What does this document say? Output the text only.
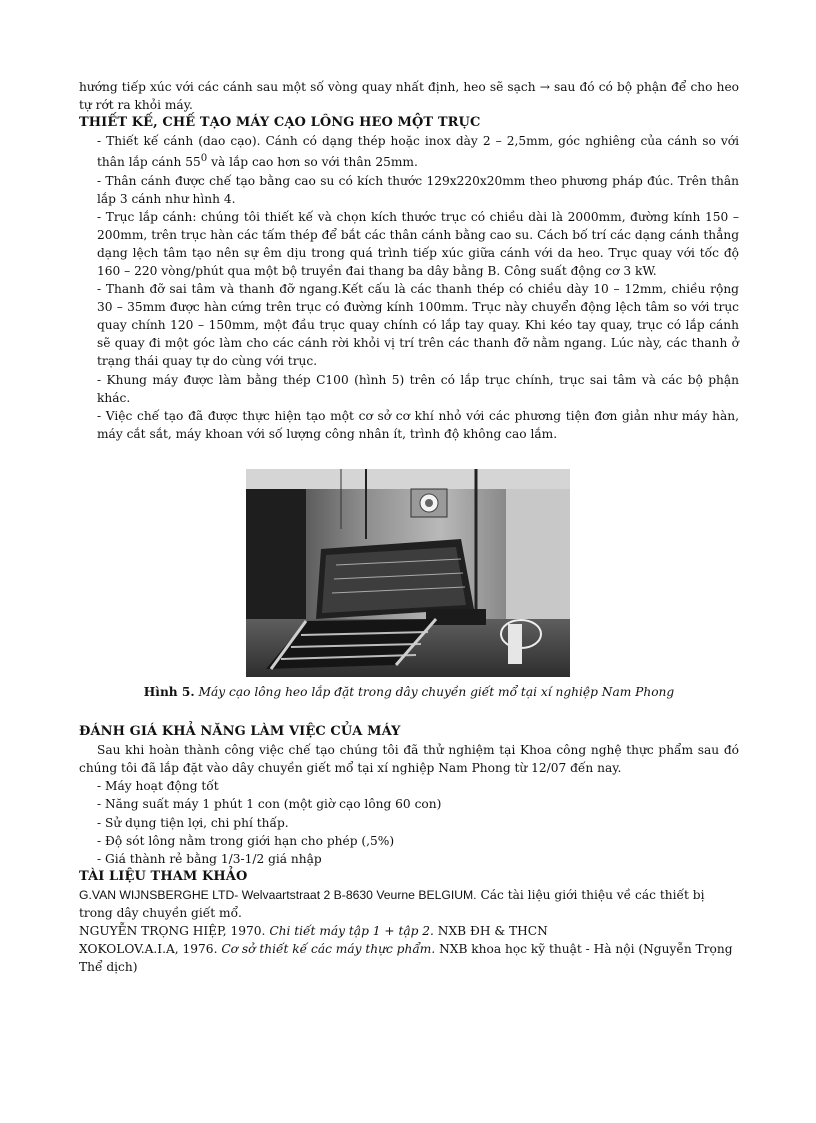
hướng tiếp xúc với các cánh sau một số vòng quay nhất định, heo sẽ sạch → sau đó có bộ phận để cho heo tự rớt ra khỏi máy.

THIẾT KẾ, CHẾ TẠO MÁY CẠO LÔNG HEO MỘT TRỤC

- Thiết kế cánh (dao cạo). Cánh có dạng thép hoặc inox dày 2 – 2,5mm, góc nghiêng của cánh so với thân lắp cánh $55^0$ và lắp cao hơn so với thân 25mm.

- Thân cánh được chế tạo bằng cao su có kích thước 129x220x20mm theo phương pháp đúc. Trên thân lắp 3 cánh như hình 4.

- Trục lắp cánh: chúng tôi thiết kế và chọn kích thước trục có chiều dài là 2000mm, đường kính 150 – 200mm, trên trục hàn các tấm thép để bắt các thân cánh bằng cao su. Cách bố trí các dạng cánh thẳng dạng lệch tâm tạo nên sự êm dịu trong quá trình tiếp xúc giữa cánh với da heo. Trục quay với tốc độ 160 – 220 vòng/phút qua một bộ truyền đai thang ba dây bằng B. Công suất động cơ 3 kW.

- Thanh đỡ sai tâm và thanh đỡ ngang.Kết cấu là các thanh thép có chiều dày 10 – 12mm, chiều rộng 30 – 35mm được hàn cứng trên trục có đường kính 100mm. Trục này chuyển động lệch tâm so với trục quay chính 120 – 150mm, một đầu trục quay chính có lắp tay quay. Khi kéo tay quay, trục có lắp cánh sẽ quay đi một góc làm cho các cánh rời khỏi vị trí trên các thanh đỡ nằm ngang. Lúc này, các thanh ở trạng thái quay tự do cùng với trục.

- Khung máy được làm bằng thép C100 (hình 5) trên có lắp trục chính, trục sai tâm và các bộ phận khác.

- Việc chế tạo đã được thực hiện tạo một cơ sở cơ khí nhỏ với các phương tiện đơn giản như máy hàn, máy cắt sắt, máy khoan với số lượng công nhân ít, trình độ không cao lắm.

Hình 5. Máy cạo lông heo lắp đặt trong dây chuyền giết mổ tại xí nghiệp Nam Phong

ĐÁNH GIÁ KHẢ NĂNG LÀM VIỆC CỦA MÁY

Sau khi hoàn thành công việc chế tạo chúng tôi đã thử nghiệm tại Khoa công nghệ thực phẩm sau đó chúng tôi đã lắp đặt vào dây chuyền giết mổ tại xí nghiệp Nam Phong từ 12/07 đến nay.

- Máy hoạt động tốt

- Năng suất máy 1 phút 1 con (một giờ cạo lông 60 con)

- Sử dụng tiện lợi, chi phí thấp.

- Độ sót lông nằm trong giới hạn cho phép (,5%)

- Giá thành rẻ bằng 1/3-1/2 giá nhập

TÀI LIỆU THAM KHẢO

G.VAN WIJNSBERGHE LTD- Welvaartstraat 2 B-8630 Veurne BELGIUM. Các tài liệu giới thiệu về các thiết bị trong dây chuyền giết mổ.

NGUYỄN TRỌNG HIỆP, 1970. Chi tiết máy tập 1 + tập 2. NXB ĐH & THCN

XOKOLOV.A.I.A, 1976. Cơ sở thiết kế các máy thực phẩm. NXB khoa học kỹ thuật - Hà nội (Nguyễn Trọng Thể dịch)
